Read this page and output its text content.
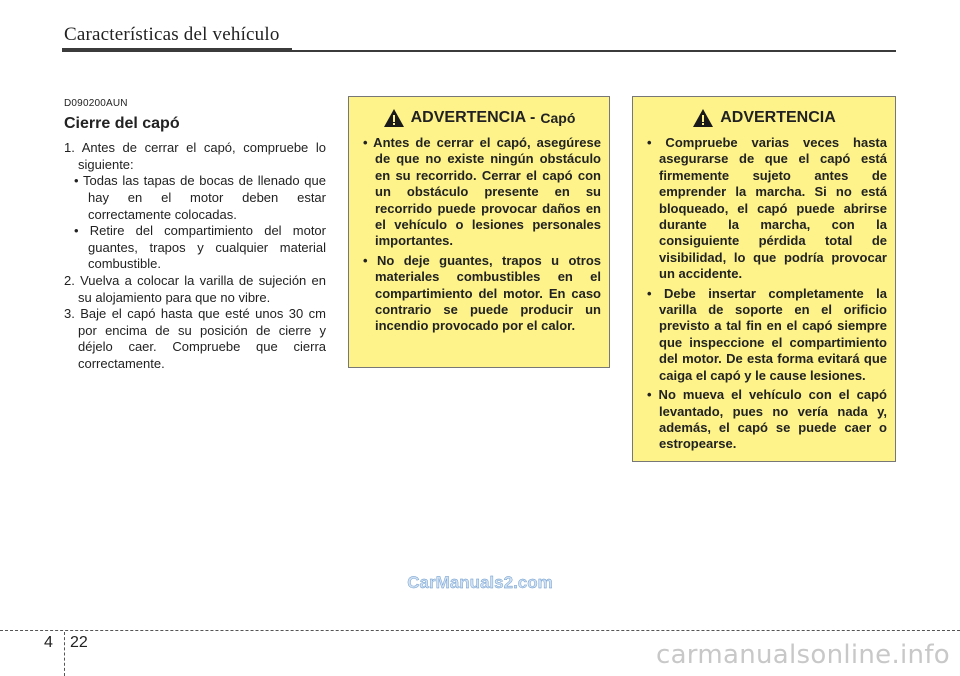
Características del vehículo
D090200AUN
Cierre del capó
1. Antes de cerrar el capó, compruebe lo siguiente:
• Todas las tapas de bocas de llenado que hay en el motor deben estar correctamente colocadas.
• Retire del compartimiento del motor guantes, trapos y cualquier material combustible.
2. Vuelva a colocar la varilla de sujeción en su alojamiento para que no vibre.
3. Baje el capó hasta que esté unos 30 cm por encima de su posición de cierre y déjelo caer. Compruebe que cierra correctamente.
ADVERTENCIA - Capó
• Antes de cerrar el capó, asegúrese de que no existe ningún obstáculo en su recorrido. Cerrar el capó con un obstáculo presente en su recorrido puede provocar daños en el vehículo o lesiones personales importantes.
• No deje guantes, trapos u otros materiales combustibles en el compartimiento del motor. En caso contrario se puede producir un incendio provocado por el calor.
ADVERTENCIA
• Compruebe varias veces hasta asegurarse de que el capó está firmemente sujeto antes de emprender la marcha. Si no está bloqueado, el capó puede abrirse durante la marcha, con la consiguiente pérdida total de visibilidad, lo que podría provocar un accidente.
• Debe insertar completamente la varilla de soporte en el orificio previsto a tal fin en el capó siempre que inspeccione el compartimiento del motor. De esta forma evitará que caiga el capó y le cause lesiones.
• No mueva el vehículo con el capó levantado, pues no vería nada y, además, el capó se puede caer o estropearse.
CarManuals2.com
4 22	carmanualsonline.info
